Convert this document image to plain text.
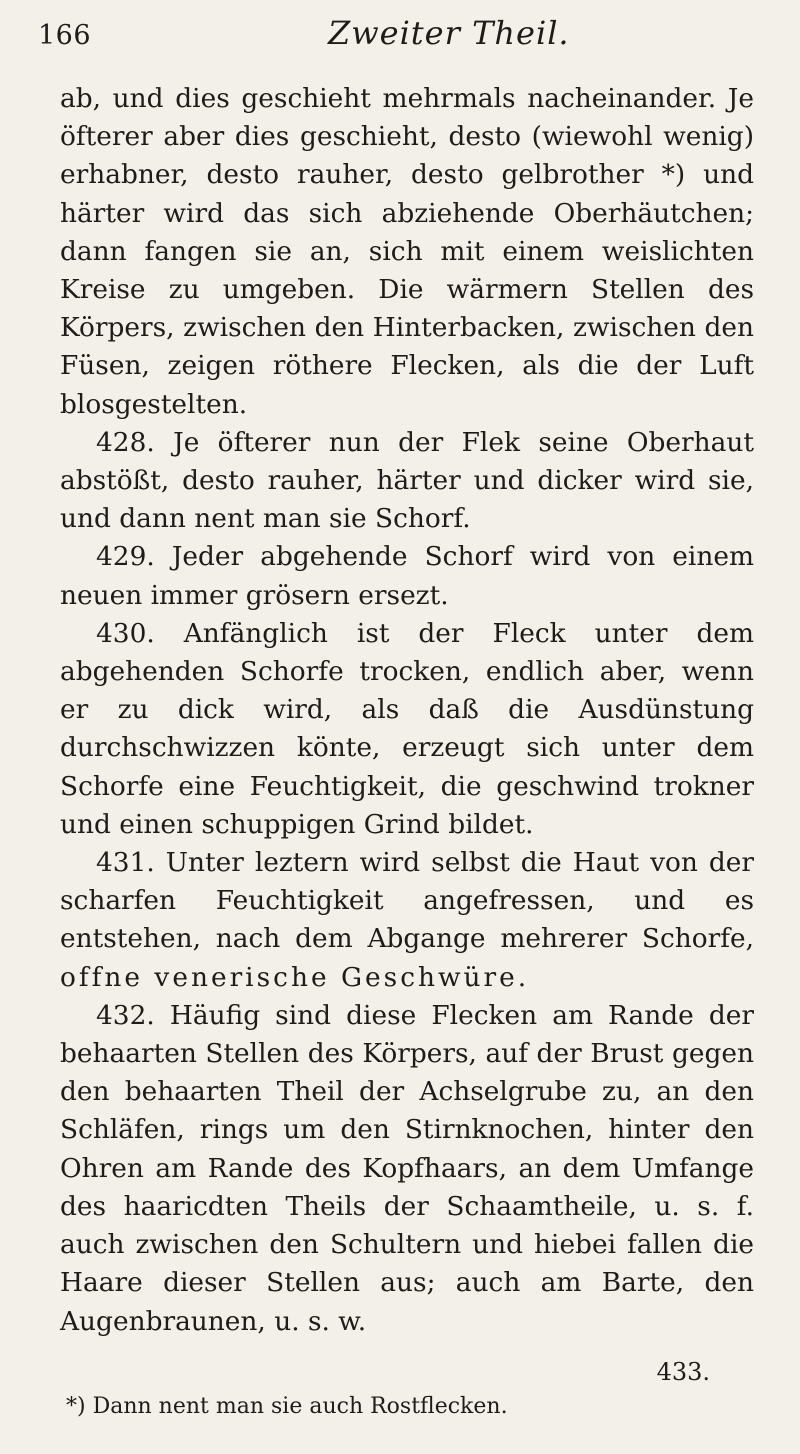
166	Zweiter Theil.

ab, und dies geschieht mehrmals nacheinander. Je öfterer aber dies geschieht, desto (wiewohl wenig) erhabner, desto rauher, desto gelbrother *) und härter wird das sich abziehende Oberhäutchen; dann fangen sie an, sich mit einem weislichten Kreise zu umgeben. Die wärmern Stellen des Körpers, zwischen den Hinterbacken, zwischen den Füsen, zeigen röthere Flecken, als die der Luft blosgestelten.

428. Je öfterer nun der Flek seine Oberhaut abstößt, desto rauher, härter und dicker wird sie, und dann nent man sie Schorf.

429. Jeder abgehende Schorf wird von einem neuen immer grösern ersezt.

430. Anfänglich ist der Fleck unter dem abgehenden Schorfe trocken, endlich aber, wenn er zu dick wird, als daß die Ausdünstung durchschwizzen könte, erzeugt sich unter dem Schorfe eine Feuchtigkeit, die geschwind trokner und einen schuppigen Grind bildet.

431. Unter leztern wird selbst die Haut von der scharfen Feuchtigkeit angefressen, und es entstehen, nach dem Abgange mehrerer Schorfe, offne venerische Geschwüre.

432. Häufig sind diese Flecken am Rande der behaarten Stellen des Körpers, auf der Brust gegen den behaarten Theil der Achselgrube zu, an den Schläfen, rings um den Stirnknochen, hinter den Ohren am Rande des Kopfhaars, an dem Umfange des haaricdten Theils der Schaamtheile, u. s. f. auch zwischen den Schultern und hiebei fallen die Haare dieser Stellen aus; auch am Barte, den Augenbraunen, u. s. w.

433.
*) Dann nent man sie auch Rostflecken.
